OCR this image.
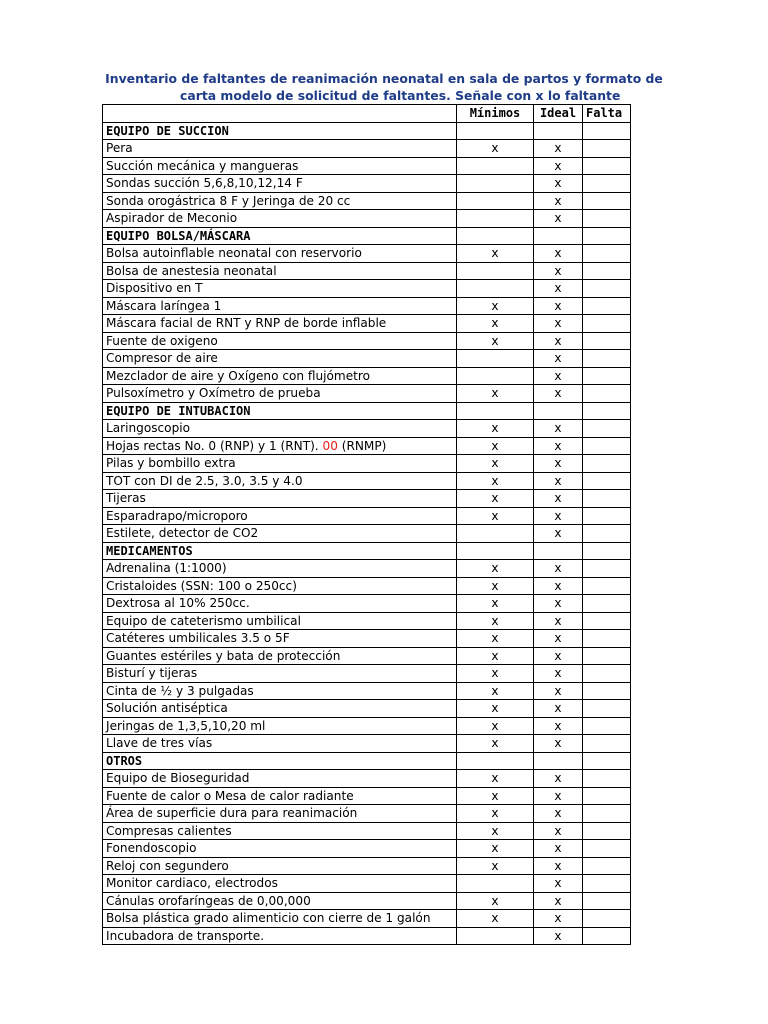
Inventario de faltantes de reanimación neonatal en sala de partos y formato de
carta modelo de solicitud de faltantes. Señale con x lo faltante
	Mínimos	Ideal	Falta
EQUIPO DE SUCCION			
Pera	x	x	
Succión mecánica y mangueras		x	
Sondas succión 5,6,8,10,12,14 F		x	
Sonda orogástrica 8 F y Jeringa de 20 cc		x	
Aspirador de Meconio		x	
EQUIPO BOLSA/MÁSCARA			
Bolsa autoinflable neonatal con reservorio	x	x	
Bolsa de anestesia neonatal		x	
Dispositivo en T		x	
Máscara laríngea 1	x	x	
Máscara facial de RNT y RNP de borde inflable	x	x	
Fuente de oxigeno	x	x	
Compresor de aire		x	
Mezclador de aire y Oxígeno con flujómetro		x	
Pulsoxímetro y Oxímetro de prueba	x	x	
EQUIPO DE INTUBACION			
Laringoscopio	x	x	
Hojas rectas No. 0 (RNP) y 1 (RNT). 00 (RNMP)	x	x	
Pilas y bombillo extra	x	x	
TOT con DI de 2.5, 3.0, 3.5 y 4.0	x	x	
Tijeras	x	x	
Esparadrapo/microporo	x	x	
Estilete, detector de CO2		x	
MEDICAMENTOS			
Adrenalina (1:1000)	x	x	
Cristaloides (SSN: 100 o 250cc)	x	x	
Dextrosa al 10% 250cc.	x	x	
Equipo de cateterismo umbilical	x	x	
Catéteres umbilicales 3.5 o 5F	x	x	
Guantes estériles y bata de protección	x	x	
Bisturí y tijeras	x	x	
Cinta de ½ y 3 pulgadas	x	x	
Solución antiséptica	x	x	
Jeringas de 1,3,5,10,20 ml	x	x	
Llave de tres vías	x	x	
OTROS			
Equipo de Bioseguridad	x	x	
Fuente de calor o Mesa de calor radiante	x	x	
Área de superficie dura para reanimación	x	x	
Compresas calientes	x	x	
Fonendoscopio	x	x	
Reloj con segundero	x	x	
Monitor cardiaco, electrodos		x	
Cánulas orofaríngeas de 0,00,000	x	x	
Bolsa plástica grado alimenticio con cierre de 1 galón	x	x	
Incubadora de transporte.		x	
